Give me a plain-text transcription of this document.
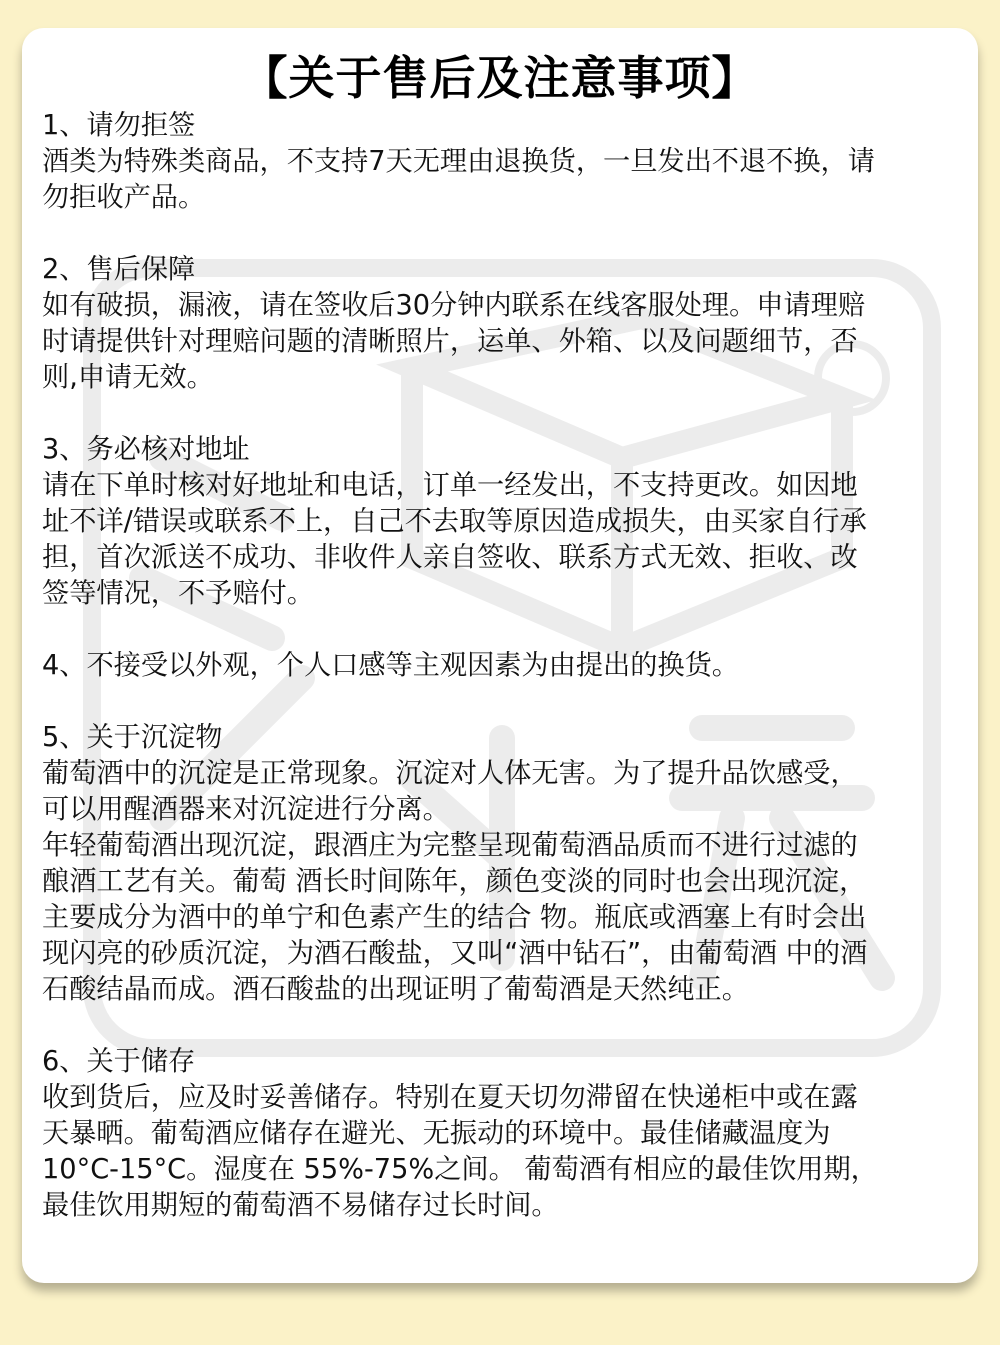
【关于售后及注意事项】

1、请勿拒签

酒类为特殊类商品，不支持7天无理由退换货，一旦发出不退不换，请

勿拒收产品。

2、售后保障

如有破损，漏液，请在签收后30分钟内联系在线客服处理。申请理赔

时请提供针对理赔问题的清晰照片，运单、外箱、以及问题细节，否

则,申请无效。

3、务必核对地址

请在下单时核对好地址和电话，订单一经发出，不支持更改。如因地

址不详/错误或联系不上，自己不去取等原因造成损失，由买家自行承

担，首次派送不成功、非收件人亲自签收、联系方式无效、拒收、改

签等情况，不予赔付。

4、不接受以外观，个人口感等主观因素为由提出的换货。

5、关于沉淀物

葡萄酒中的沉淀是正常现象。沉淀对人体无害。为了提升品饮感受，

可以用醒酒器来对沉淀进行分离。

年轻葡萄酒出现沉淀，跟酒庄为完整呈现葡萄酒品质而不进行过滤的

酿酒工艺有关。葡萄 酒长时间陈年，颜色变淡的同时也会出现沉淀，

主要成分为酒中的单宁和色素产生的结合 物。瓶底或酒塞上有时会出

现闪亮的砂质沉淀，为酒石酸盐，又叫“酒中钻石”，由葡萄酒 中的酒

石酸结晶而成。酒石酸盐的出现证明了葡萄酒是天然纯正。

6、关于储存

收到货后，应及时妥善储存。特别在夏天切勿滞留在快递柜中或在露

天暴晒。葡萄酒应储存在避光、无振动的环境中。最佳储藏温度为

10°C-15°C。湿度在 55%-75%之间。 葡萄酒有相应的最佳饮用期，

最佳饮用期短的葡萄酒不易储存过长时间。
